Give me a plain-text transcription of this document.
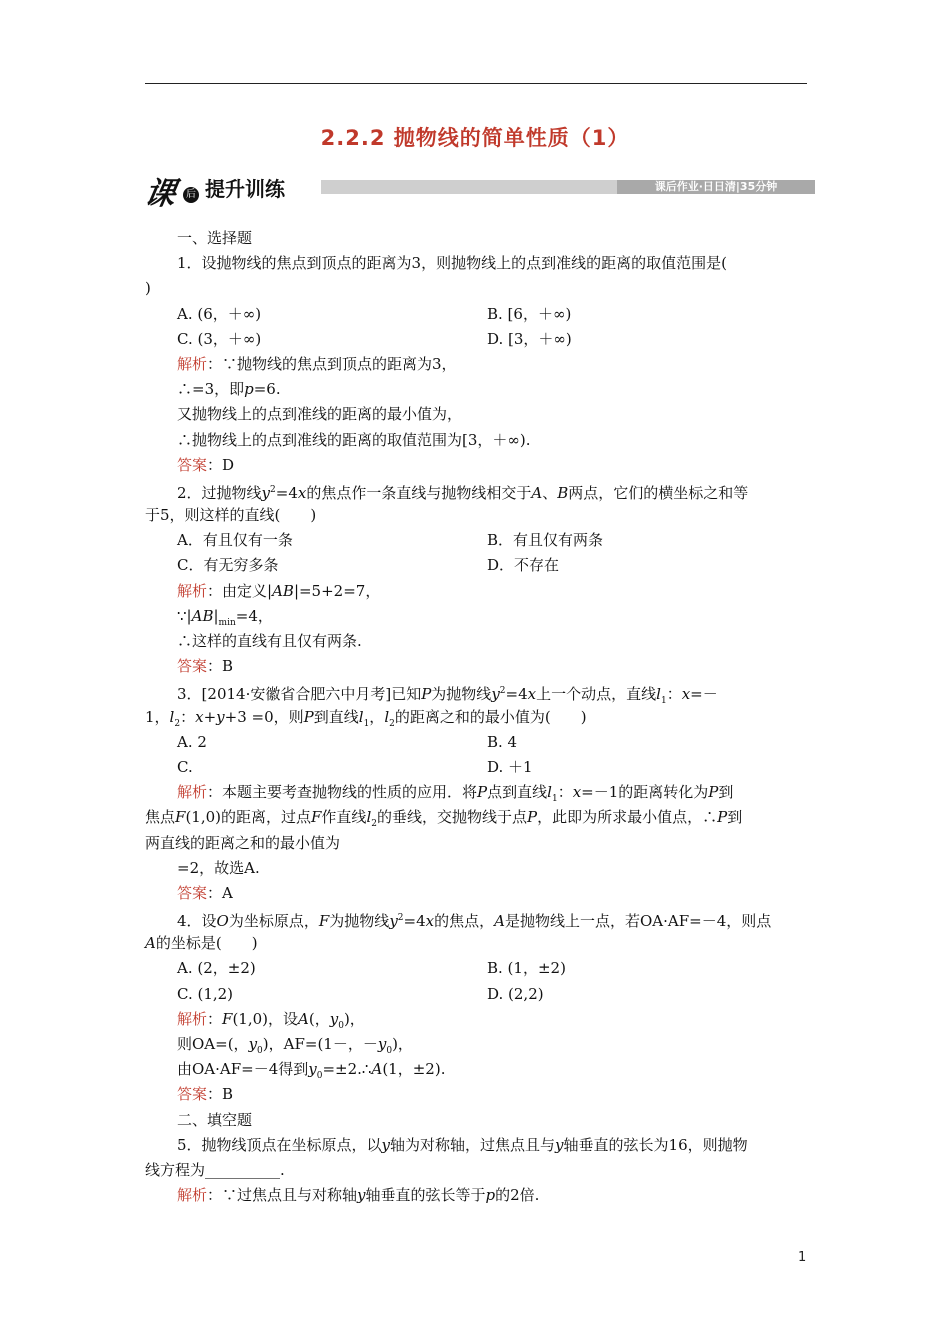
2.2.2 抛物线的简单性质（1）
课 后 提升训练	课后作业·日日清|35分钟
一、选择题
1．设抛物线的焦点到顶点的距离为3，则抛物线上的点到准线的距离的取值范围是(
)
A. (6，＋∞)	B. [6，＋∞)
C. (3，＋∞)	D. [3，＋∞)
解析：∵抛物线的焦点到顶点的距离为3，
∴=3，即p=6.
又抛物线上的点到准线的距离的最小值为，
∴抛物线上的点到准线的距离的取值范围为[3，＋∞).
答案：D
2．过抛物线$y^2=4x$的焦点作一条直线与抛物线相交于A、B两点，它们的横坐标之和等
于5，则这样的直线(　　)
A．有且仅有一条	B．有且仅有两条
C．有无穷多条	D．不存在
解析：由定义|AB|=5+2=7，
$\because|AB|_{min}=4$，
∴这样的直线有且仅有两条.
答案：B
3．[2014·安徽省合肥六中月考]已知P为抛物线$y^2=4x$上一个动点，直线$l_1$：x=－
1，$l_2$：x+y+3 =0，则P到直线$l_1$，$l_2$的距离之和的最小值为(　　)
A. 2	B. 4
C.	D. ＋1
解析：本题主要考查抛物线的性质的应用．将P点到直线$l_1$：x=－1的距离转化为P到
焦点F(1,0)的距离，过点F作直线$l_2$的垂线，交抛物线于点P，此即为所求最小值点，∴P到
两直线的距离之和的最小值为
=2，故选A.
答案：A
4．设O为坐标原点，F为抛物线$y^2=4x$的焦点，A是抛物线上一点，若OA·AF=－4，则点
A的坐标是(　　)
A. (2，±2)	B. (1，±2)
C. (1,2)	D. (2,2)
解析：F(1,0)，设A(，$y_0$)，
则OA=(，$y_0$)，AF=(1－，$-y_0$)，
由OA·AF=－4得到$y_0=\pm 2.\therefore A(1$，±2).
答案：B
二、填空题
5．抛物线顶点在坐标原点，以y轴为对称轴，过焦点且与y轴垂直的弦长为16，则抛物
线方程为__________.
解析：∵过焦点且与对称轴y轴垂直的弦长等于p的2倍.
1
